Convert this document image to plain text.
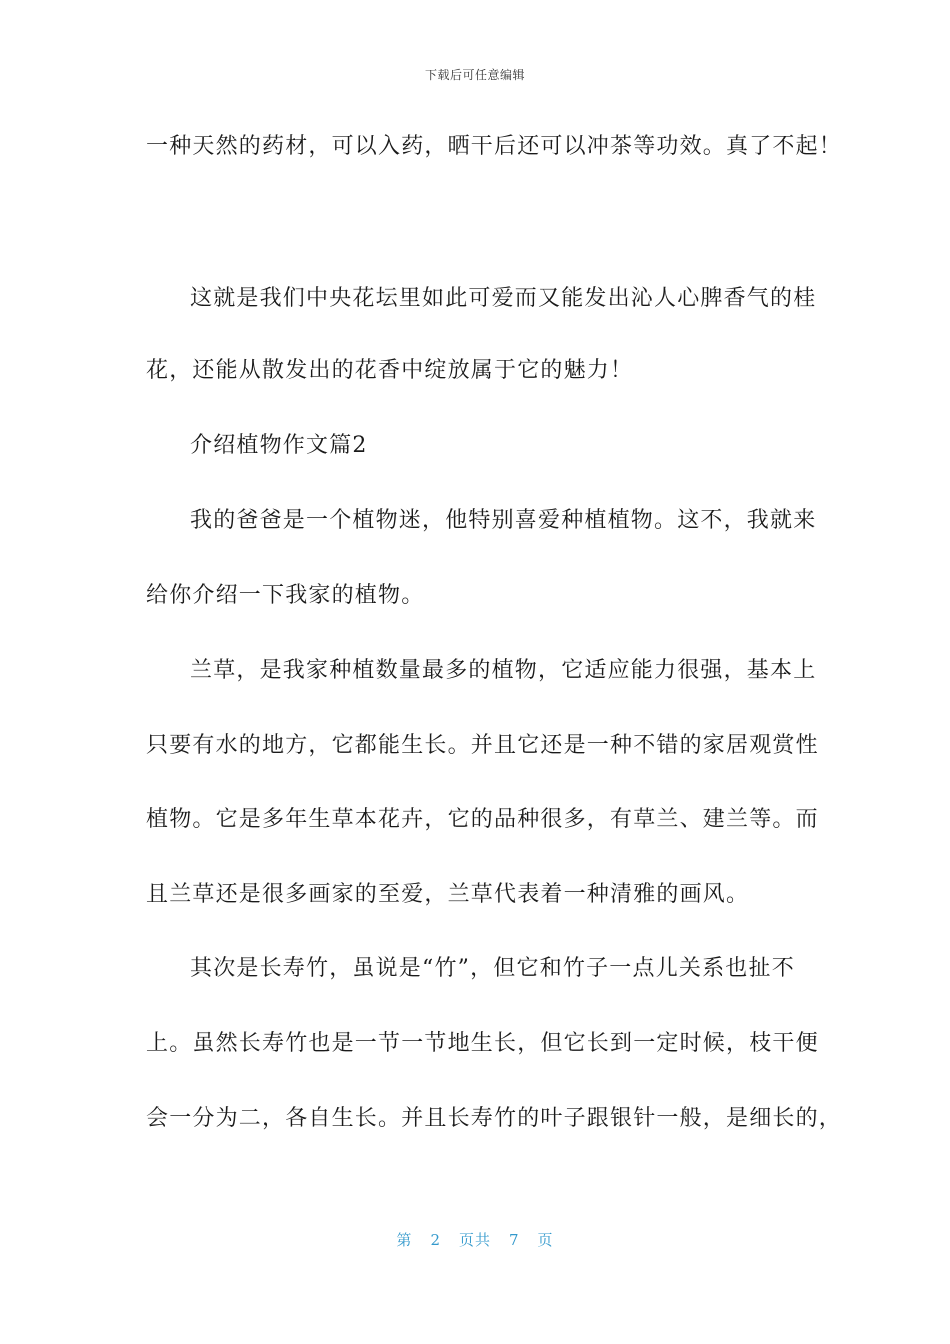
下载后可任意编辑
一种天然的药材，可以入药，晒干后还可以冲茶等功效。真了不起！
这就是我们中央花坛里如此可爱而又能发出沁人心脾香气的桂
花，还能从散发出的花香中绽放属于它的魅力！
介绍植物作文篇2
我的爸爸是一个植物迷，他特别喜爱种植植物。这不，我就来
给你介绍一下我家的植物。
兰草，是我家种植数量最多的植物，它适应能力很强，基本上
只要有水的地方，它都能生长。并且它还是一种不错的家居观赏性
植物。它是多年生草本花卉，它的品种很多，有草兰、建兰等。而
且兰草还是很多画家的至爱，兰草代表着一种清雅的画风。
其次是长寿竹，虽说是“竹”，但它和竹子一点儿关系也扯不
上。虽然长寿竹也是一节一节地生长，但它长到一定时候，枝干便
会一分为二，各自生长。并且长寿竹的叶子跟银针一般，是细长的，
第 2 页共 7 页
